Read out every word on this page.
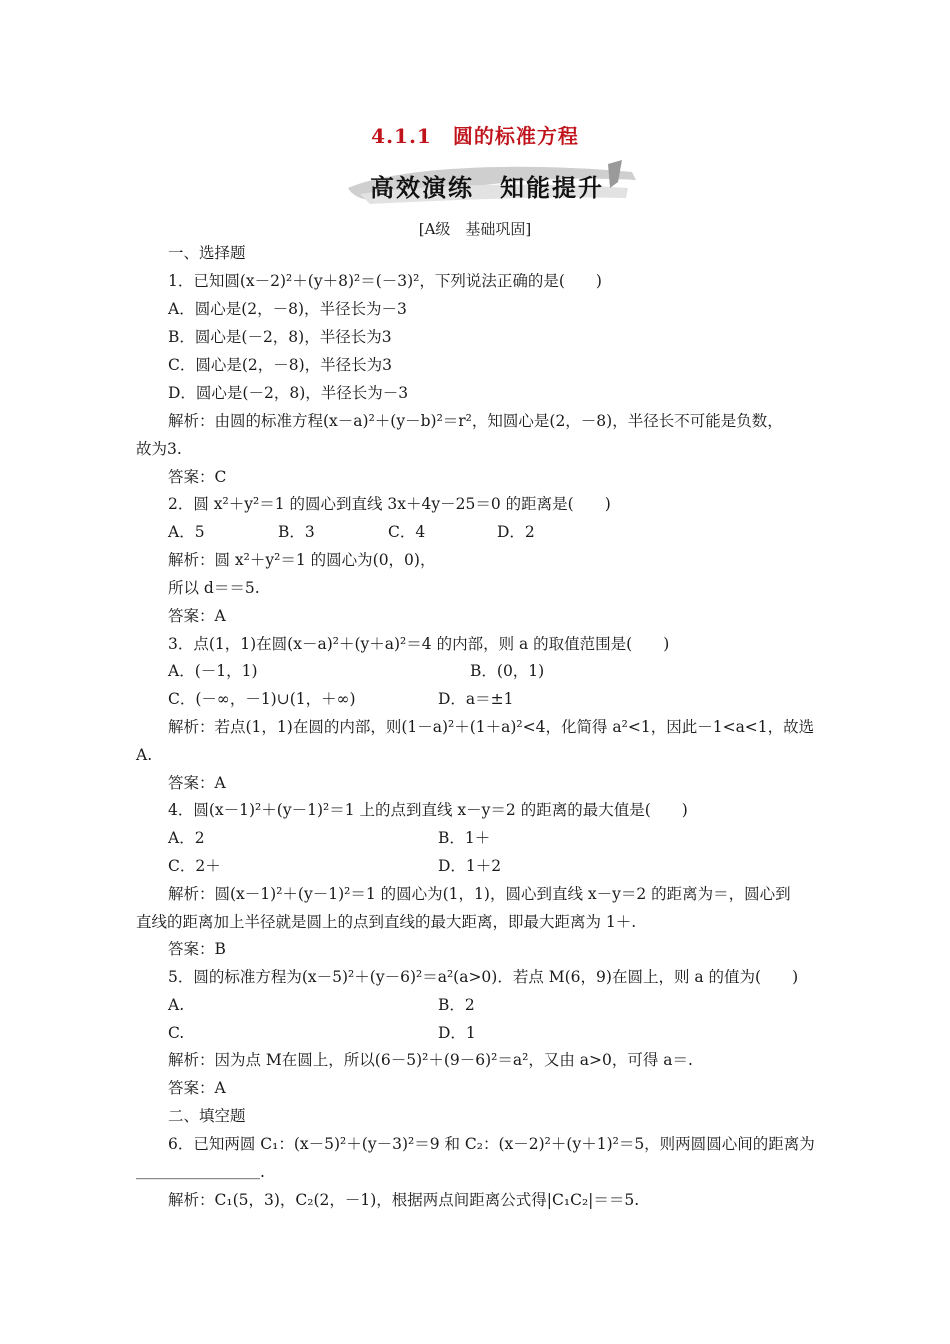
4.1.1　圆的标准方程
高效演练　知能提升
[A级　基础巩固]
一、选择题
1．已知圆(x－2)²＋(y＋8)²＝(－3)²，下列说法正确的是(　　)
A．圆心是(2，－8)，半径长为－3
B．圆心是(－2，8)，半径长为3
C．圆心是(2，－8)，半径长为3
D．圆心是(－2，8)，半径长为－3
解析：由圆的标准方程(x－a)²＋(y－b)²＝r²，知圆心是(2，－8)，半径长不可能是负数，
故为3.
答案：C
2．圆 x²＋y²＝1 的圆心到直线 3x＋4y－25＝0 的距离是(　　)
A．5	B．3	C．4	D．2
解析：圆 x²＋y²＝1 的圆心为(0，0)，
所以 d＝＝5.
答案：A
3．点(1，1)在圆(x－a)²＋(y＋a)²＝4 的内部，则 a 的取值范围是(　　)
A．(－1，1)	B．(0，1)
C．(－∞，－1)∪(1，＋∞)	D．a＝±1
解析：若点(1，1)在圆的内部，则(1－a)²＋(1＋a)²<4，化简得 a²<1，因此－1<a<1，故选
A.
答案：A
4．圆(x－1)²＋(y－1)²＝1 上的点到直线 x－y＝2 的距离的最大值是(　　)
A．2	B．1＋
C．2＋	D．1＋2
解析：圆(x－1)²＋(y－1)²＝1 的圆心为(1，1)，圆心到直线 x－y＝2 的距离为＝，圆心到
直线的距离加上半径就是圆上的点到直线的最大距离，即最大距离为 1＋.
答案：B
5．圆的标准方程为(x－5)²＋(y－6)²＝a²(a>0)．若点 M(6，9)在圆上，则 a 的值为(　　)
A.	B．2
C.	D．1
解析：因为点 M在圆上，所以(6－5)²＋(9－6)²＝a²，又由 a>0，可得 a＝.
答案：A
二、填空题
6．已知两圆 C₁：(x－5)²＋(y－3)²＝9 和 C₂：(x－2)²＋(y＋1)²＝5，则两圆圆心间的距离为
＿＿＿＿＿＿＿＿.
解析：C₁(5，3)，C₂(2，－1)，根据两点间距离公式得|C₁C₂|＝＝5.
